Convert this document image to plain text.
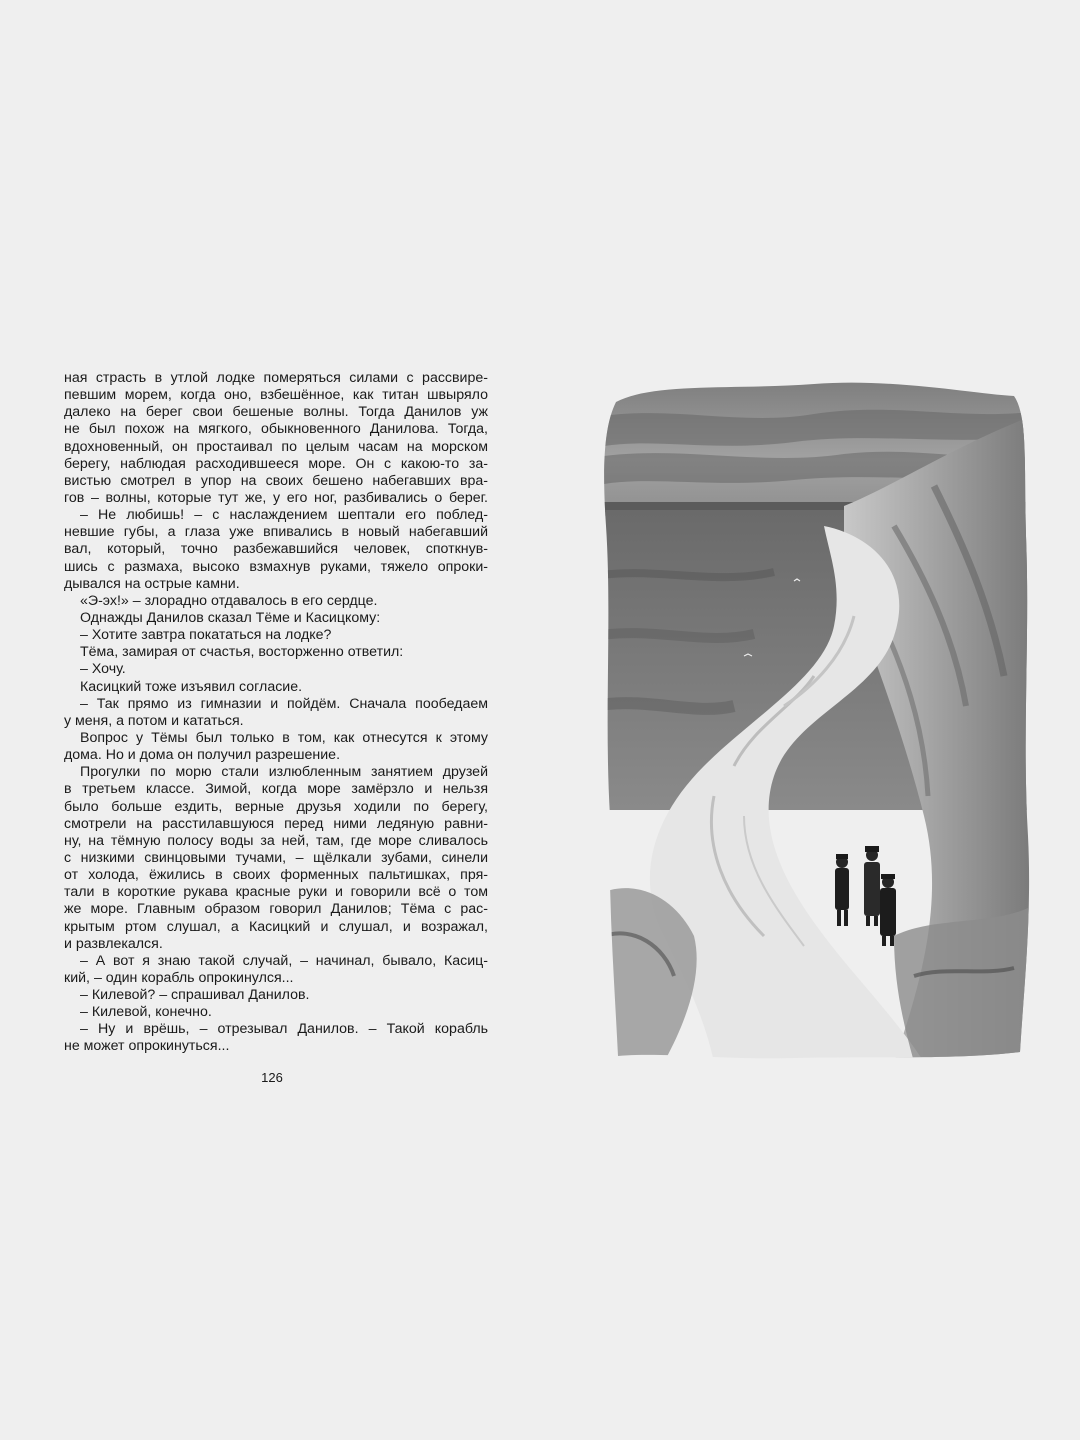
ная страсть в утлой лодке померяться силами с рассвире-
певшим морем, когда оно, взбешённое, как титан швыряло
далеко на берег свои бешеные волны. Тогда Данилов уж
не был похож на мягкого, обыкновенного Данилова. Тогда,
вдохновенный, он простаивал по целым часам на морском
берегу, наблюдая расходившееся море. Он с какою-то за-
вистью смотрел в упор на своих бешено набегавших вра-
гов – волны, которые тут же, у его ног, разбивались о берег.
– Не любишь! – с наслаждением шептали его поблед-
невшие губы, а глаза уже впивались в новый набегавший
вал, который, точно разбежавшийся человек, споткнув-
шись с размаха, высоко взмахнув руками, тяжело опроки-
дывался на острые камни.
«Э-эх!» – злорадно отдавалось в его сердце.
Однажды Данилов сказал Тёме и Касицкому:
– Хотите завтра покататься на лодке?
Тёма, замирая от счастья, восторженно ответил:
– Хочу.
Касицкий тоже изъявил согласие.
– Так прямо из гимназии и пойдём. Сначала пообедаем
у меня, а потом и кататься.
Вопрос у Тёмы был только в том, как отнесутся к этому
дома. Но и дома он получил разрешение.
Прогулки по морю стали излюбленным занятием друзей
в третьем классе. Зимой, когда море замёрзло и нельзя
было больше ездить, верные друзья ходили по берегу,
смотрели на расстилавшуюся перед ними ледяную равни-
ну, на тёмную полосу воды за ней, там, где море сливалось
с низкими свинцовыми тучами, – щёлкали зубами, синели
от холода, ёжились в своих форменных пальтишках, пря-
тали в короткие рукава красные руки и говорили всё о том
же море. Главным образом говорил Данилов; Тёма с рас-
крытым ртом слушал, а Касицкий и слушал, и возражал,
и развлекался.
– А вот я знаю такой случай, – начинал, бывало, Касиц-
кий, – один корабль опрокинулся...
– Килевой? – спрашивал Данилов.
– Килевой, конечно.
– Ну и врёшь, – отрезывал Данилов. – Такой корабль
не может опрокинуться...
126
